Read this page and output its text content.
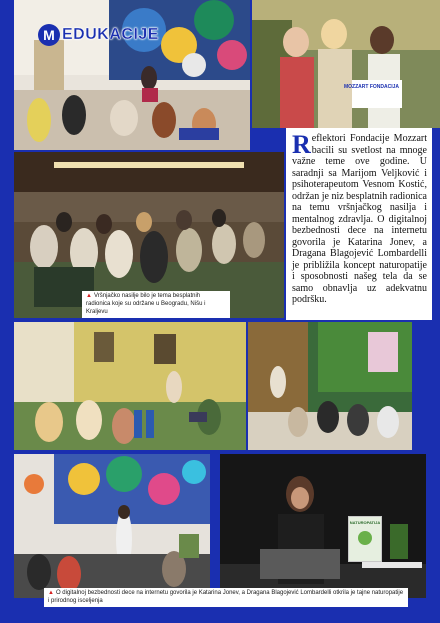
M EDUKACIJE
MOZZART FONDACIJA
▲ Vršnjačko nasilje bilo je tema besplatnih radionica koje su održane u Beogradu, Nišu i Kraljevu
Reflektori Fondacije Mozzart bacili su svetlost na mnoge važne teme ove godine. U saradnji sa Marijom Veljković i psihoterapeutom Vesnom Kostić, održan je niz besplatnih radionica na temu vršnjačkog nasilja i mentalnog zdravlja. O digitalnoj bezbednosti dece na internetu govorila je Katarina Jonev, a Dragana Blagojević Lombardelli je približila koncept naturopatije i sposobnosti našeg tela da se samo obnavlja uz adekvatnu podršku.
NATUROPATIJA
▲ O digitalnoj bezbednosti dece na internetu govorila je Katarina Jonev, a Dragana Blagojević Lombardelli otkrila je tajne naturopatije i prirodnog isceljenja
